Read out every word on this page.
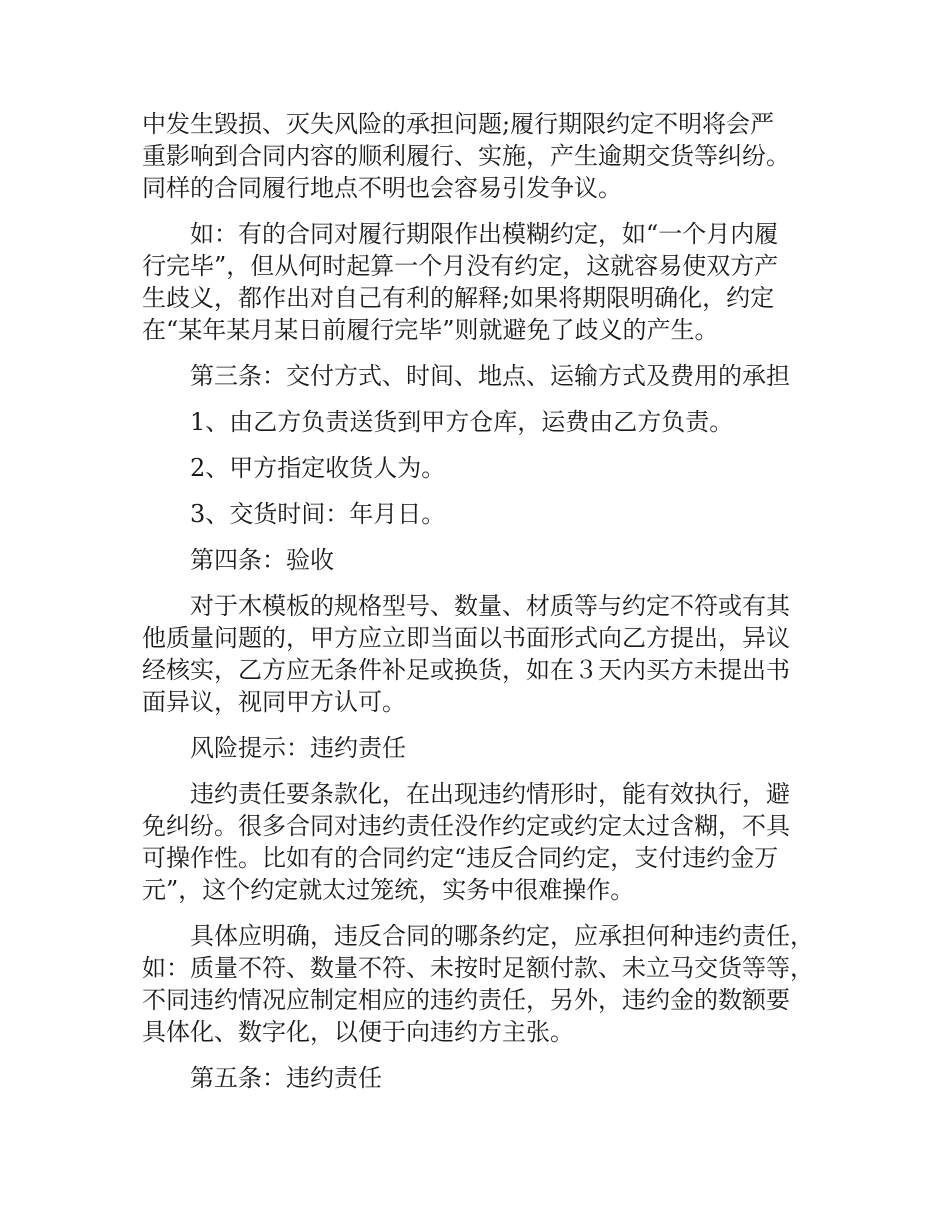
中发生毁损、灭失风险的承担问题;履行期限约定不明将会严
重影响到合同内容的顺利履行、实施，产生逾期交货等纠纷。
同样的合同履行地点不明也会容易引发争议。

如：有的合同对履行期限作出模糊约定，如“一个月内履
行完毕”，但从何时起算一个月没有约定，这就容易使双方产
生歧义，都作出对自己有利的解释;如果将期限明确化，约定
在“某年某月某日前履行完毕”则就避免了歧义的产生。

第三条：交付方式、时间、地点、运输方式及费用的承担

1、由乙方负责送货到甲方仓库，运费由乙方负责。

2、甲方指定收货人为。

3、交货时间：年月日。

第四条：验收

对于木模板的规格型号、数量、材质等与约定不符或有其
他质量问题的，甲方应立即当面以书面形式向乙方提出，异议
经核实，乙方应无条件补足或换货，如在３天内买方未提出书
面异议，视同甲方认可。

风险提示：违约责任

违约责任要条款化，在出现违约情形时，能有效执行，避
免纠纷。很多合同对违约责任没作约定或约定太过含糊，不具
可操作性。比如有的合同约定“违反合同约定，支付违约金万
元”，这个约定就太过笼统，实务中很难操作。

具体应明确，违反合同的哪条约定，应承担何种违约责任，
如：质量不符、数量不符、未按时足额付款、未立马交货等等，
不同违约情况应制定相应的违约责任，另外，违约金的数额要
具体化、数字化，以便于向违约方主张。

第五条：违约责任
